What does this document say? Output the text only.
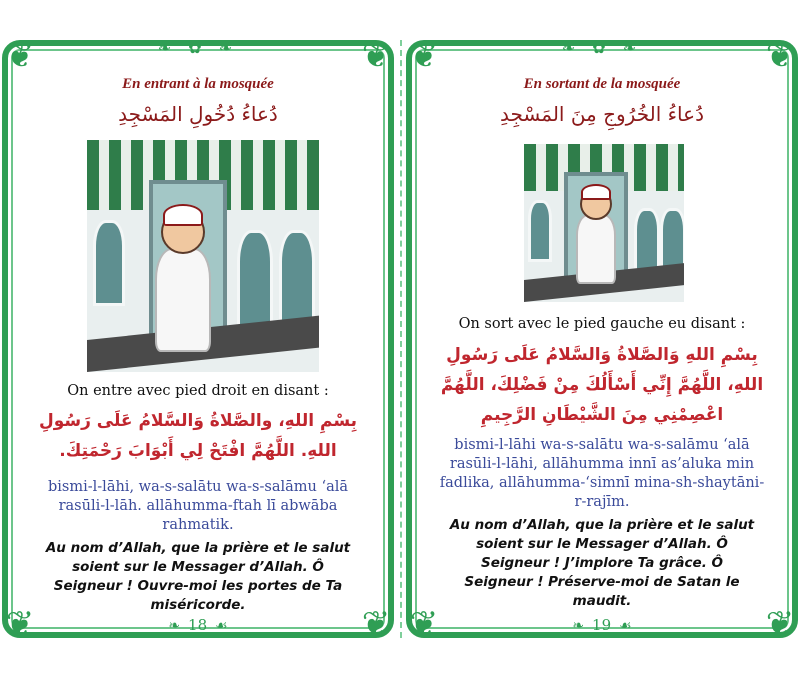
❦	❦
❦	❦
❧ ✿ ❧
En entrant à la mosquée
دُعاءُ دُخُولِ المَسْجِدِ
On entre avec pied droit en disant :
بِسْمِ اللهِ، والصَّلاةُ وَالسَّلامُ عَلَى رَسُولِ اللهِ. اللَّهُمَّ افْتَحْ لِي أَبْوَابَ رَحْمَتِكَ.
bismi-l-lāhi, wa-s-salātu wa-s-salāmu ‘alā rasūli-l-lāh. allāhumma-ftah lī abwāba rahmatik.
Au nom d’Allah, que la prière et le salut soient sur le Messager d’Allah. Ô Seigneur ! Ouvre-moi les portes de Ta miséricorde.
❧ 18 ☙
❦	❦
❦	❦
❧ ✿ ❧
En sortant de la mosquée
دُعاءُ الخُرُوجِ مِنَ المَسْجِدِ
On sort avec le pied gauche eu disant :
بِسْمِ اللهِ وَالصَّلاةُ وَالسَّلامُ عَلَى رَسُولِ اللهِ، اللَّهُمَّ إِنِّي أَسْأَلُكَ مِنْ فَضْلِكَ، اللَّهُمَّ اعْصِمْنِي مِنَ الشَّيْطَانِ الرَّجِيمِ
bismi-l-lāhi wa-s-salātu wa-s-salāmu ‘alā rasūli-l-lāhi, allāhumma innī as’aluka min fadlika, allāhumma-‘simnī mina-sh-shaytāni-r-rajīm.
Au nom d’Allah, que la prière et le salut soient sur le Messager d’Allah. Ô Seigneur ! J’implore Ta grâce. Ô Seigneur ! Préserve-moi de Satan le maudit.
❧ 19 ☙
